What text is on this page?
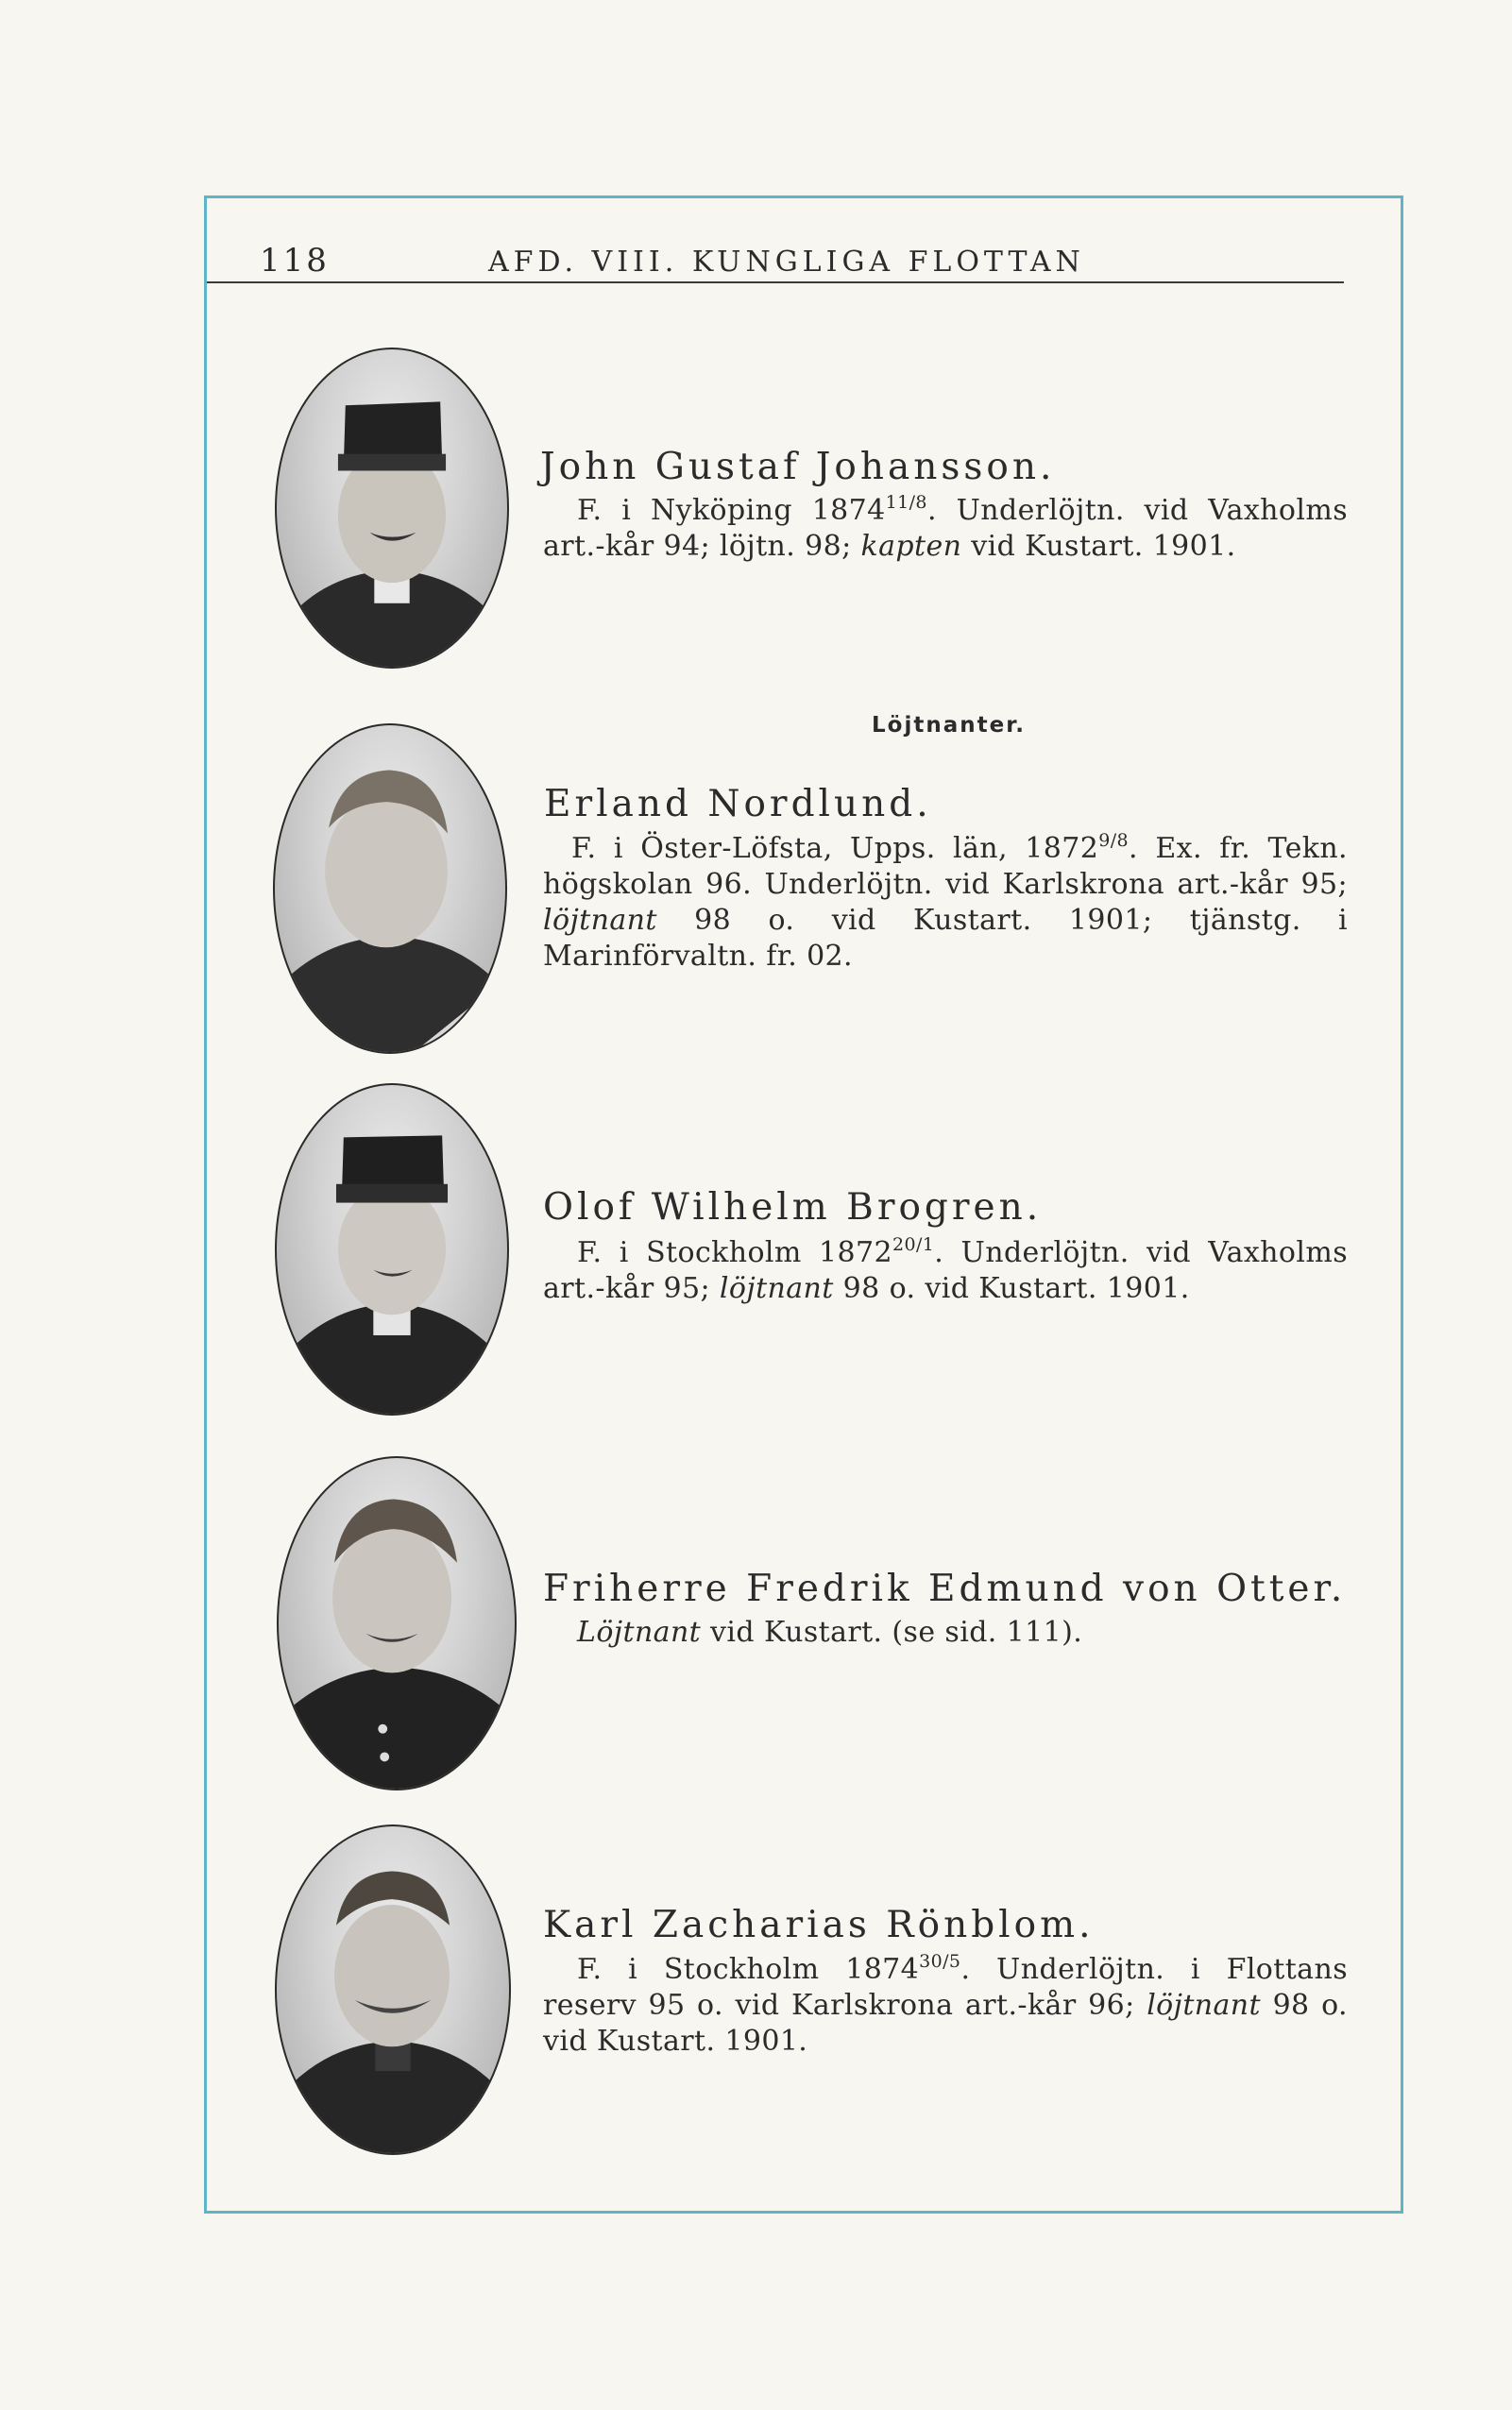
118	AFD. VIII. KUNGLIGA FLOTTAN
John Gustaf Johansson.
F. i Nyköping $1874^{11/8}$. Underlöjtn. vid Vaxholms art.-kår 94; löjtn. 98; kapten vid Kustart. 1901.
Löjtnanter.
Erland Nordlund.
F. i Öster-Löfsta, Upps. län, $1872^{9/8}$. Ex. fr. Tekn. högskolan 96. Underlöjtn. vid Karlskrona art.-kår 95; löjtnant 98 o. vid Kustart. 1901; tjänstg. i Marinförvaltn. fr. 02.
Olof Wilhelm Brogren.
F. i Stockholm $1872^{20/1}$. Underlöjtn. vid Vaxholms art.-kår 95; löjtnant 98 o. vid Kustart. 1901.
Friherre Fredrik Edmund von Otter.
Löjtnant vid Kustart. (se sid. 111).
Karl Zacharias Rönblom.
F. i Stockholm $1874^{30/5}$. Underlöjtn. i Flottans reserv 95 o. vid Karlskrona art.-kår 96; löjtnant 98 o. vid Kustart. 1901.
